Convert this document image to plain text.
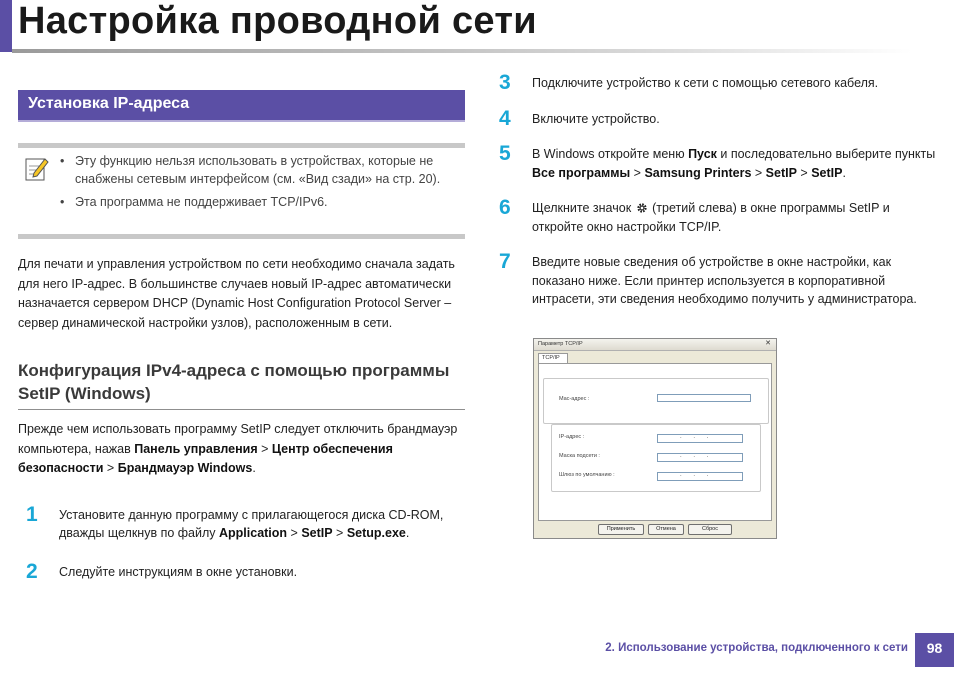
Настройка проводной сети
Установка IP-адреса
• Эту функцию нельзя использовать в устройствах, которые не снабжены сетевым интерфейсом (см. «Вид сзади» на стр. 20).
• Эта программа не поддерживает TCP/IPv6.
Для печати и управления устройством по сети необходимо сначала задать для него IP-адрес. В большинстве случаев новый IP-адрес автоматически назначается сервером DHCP (Dynamic Host Configuration Protocol Server – сервер динамической настройки узлов), расположенным в сети.
Конфигурация IPv4-адреса с помощью программы SetIP (Windows)
Прежде чем использовать программу SetIP следует отключить брандмауэр компьютера, нажав Панель управления > Центр обеспечения безопасности > Брандмауэр Windows.
1 Установите данную программу с прилагающегося диска CD-ROM, дважды щелкнув по файлу Application > SetIP > Setup.exe.
2 Следуйте инструкциям в окне установки.
3 Подключите устройство к сети с помощью сетевого кабеля.
4 Включите устройство.
5 В Windows откройте меню Пуск и последовательно выберите пункты Все программы > Samsung Printers > SetIP > SetIP.
6 Щелкните значок  (третий слева) в окне программы SetIP и откройте окно настройки TCP/IP.
7 Введите новые сведения об устройстве в окне настройки, как показано ниже. Если принтер используется в корпоративной интрасети, эти сведения необходимо получить у администратора.
Параметр TCP/IP	✕
TCP/IP
Mac-адрес :
IP-адрес :
.
Маска подсети :
.
Шлюз по умолчанию :
.
Применить	Отмена	Сброс
2. Использование устройства, подключенного к сети	98
